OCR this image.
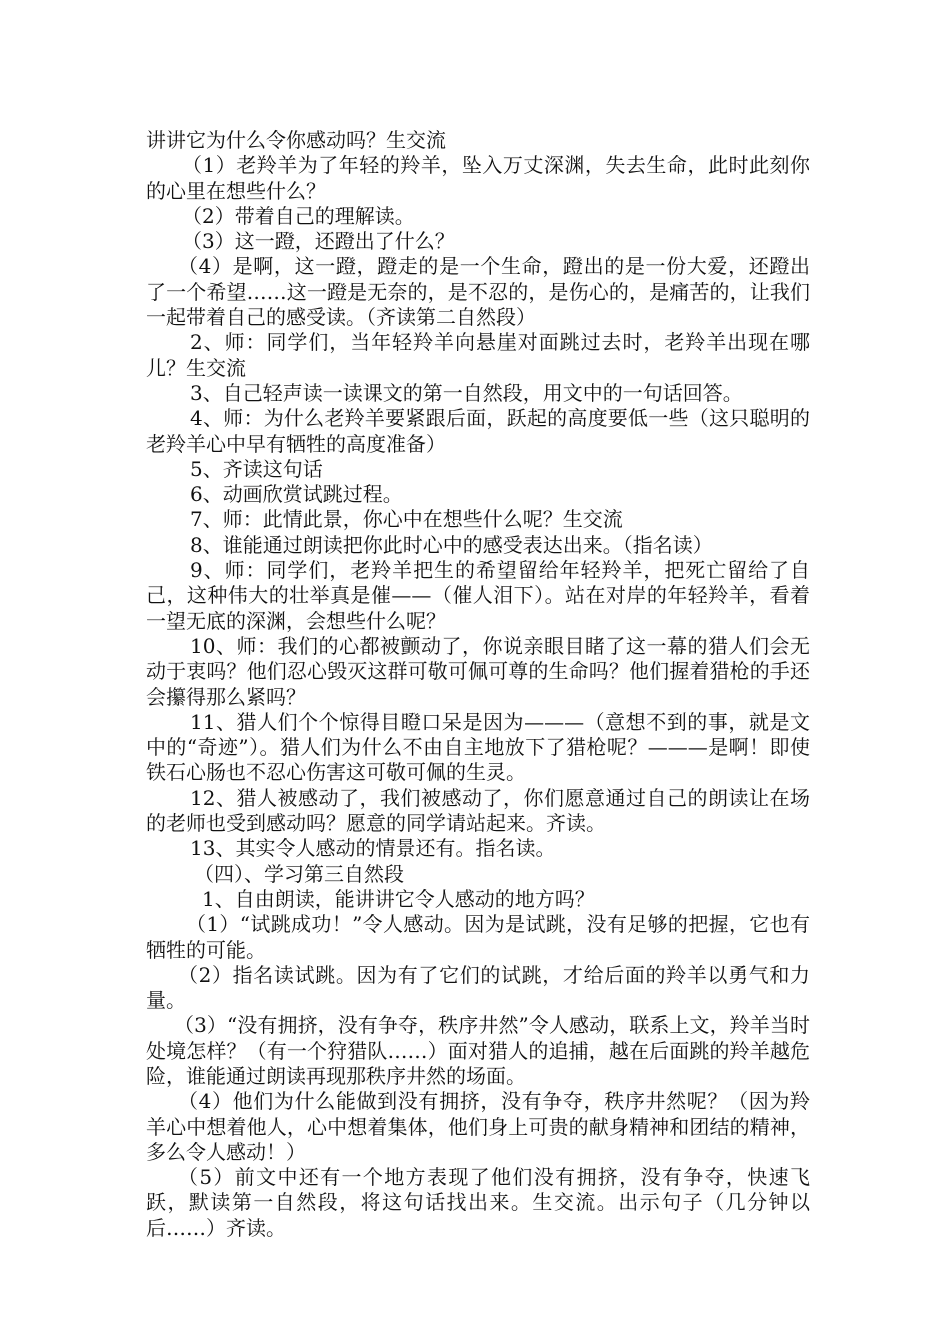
讲讲它为什么令你感动吗？生交流

（1）老羚羊为了年轻的羚羊，坠入万丈深渊，失去生命，此时此刻你的心里在想些什么？

（2）带着自己的理解读。

（3）这一蹬，还蹬出了什么？

（4）是啊，这一蹬，蹬走的是一个生命，蹬出的是一份大爱，还蹬出了一个希望……这一蹬是无奈的，是不忍的，是伤心的，是痛苦的，让我们一起带着自己的感受读。（齐读第二自然段）

2、师：同学们，当年轻羚羊向悬崖对面跳过去时，老羚羊出现在哪儿？生交流

3、自己轻声读一读课文的第一自然段，用文中的一句话回答。

4、师：为什么老羚羊要紧跟后面，跃起的高度要低一些（这只聪明的老羚羊心中早有牺牲的高度准备）

5、齐读这句话

6、动画欣赏试跳过程。

7、师：此情此景，你心中在想些什么呢？生交流

8、谁能通过朗读把你此时心中的感受表达出来。（指名读）

9、师：同学们，老羚羊把生的希望留给年轻羚羊，把死亡留给了自己，这种伟大的壮举真是催——（催人泪下）。站在对岸的年轻羚羊，看着一望无底的深渊，会想些什么呢？

10、师：我们的心都被颤动了，你说亲眼目睹了这一幕的猎人们会无动于衷吗？他们忍心毁灭这群可敬可佩可尊的生命吗？他们握着猎枪的手还会攥得那么紧吗？

11、猎人们个个惊得目瞪口呆是因为———（意想不到的事，就是文中的“奇迹”）。猎人们为什么不由自主地放下了猎枪呢？———是啊！即使铁石心肠也不忍心伤害这可敬可佩的生灵。

12、猎人被感动了，我们被感动了，你们愿意通过自己的朗读让在场的老师也受到感动吗？愿意的同学请站起来。齐读。

13、其实令人感动的情景还有。指名读。

（四）、学习第三自然段

1、自由朗读，能讲讲它令人感动的地方吗？

（1）“试跳成功！”令人感动。因为是试跳，没有足够的把握，它也有牺牲的可能。

（2）指名读试跳。因为有了它们的试跳，才给后面的羚羊以勇气和力量。

（3）“没有拥挤，没有争夺，秩序井然”令人感动，联系上文，羚羊当时处境怎样？（有一个狩猎队……）面对猎人的追捕，越在后面跳的羚羊越危险，谁能通过朗读再现那秩序井然的场面。

（4）他们为什么能做到没有拥挤，没有争夺，秩序井然呢？（因为羚羊心中想着他人，心中想着集体，他们身上可贵的献身精神和团结的精神，多么令人感动！）

（5）前文中还有一个地方表现了他们没有拥挤，没有争夺，快速飞跃，默读第一自然段，将这句话找出来。生交流。出示句子（几分钟以后……）齐读。
